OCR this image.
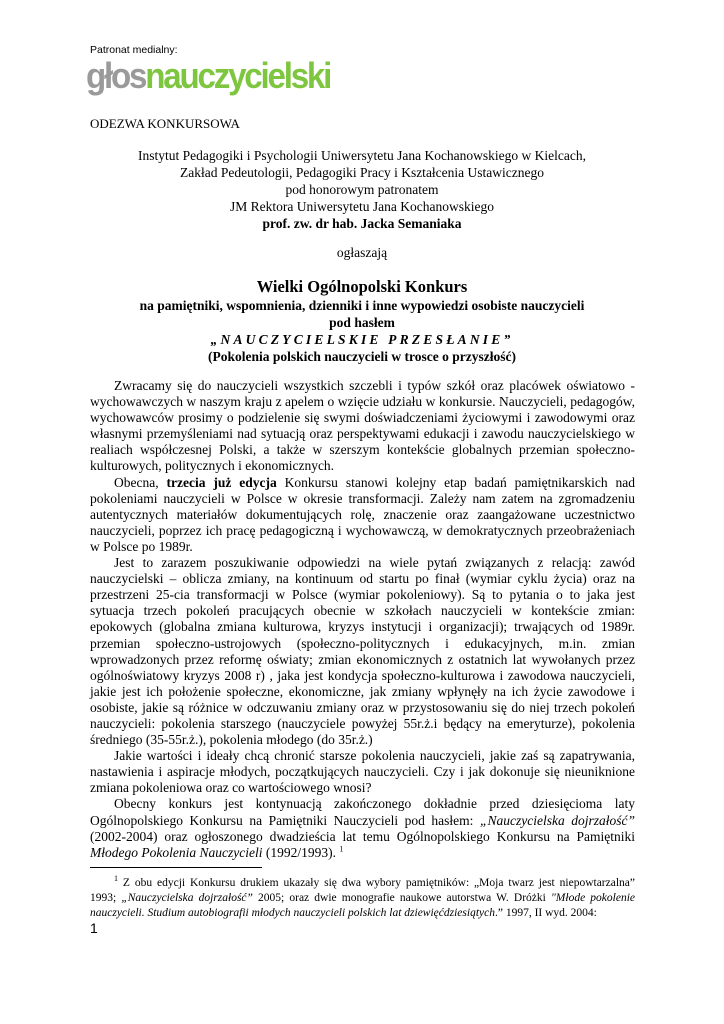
Patronat medialny:
głosnauczycielski
ODEZWA KONKURSOWA
Instytut Pedagogiki i Psychologii Uniwersytetu Jana Kochanowskiego w Kielcach,
Zakład Pedeutologii, Pedagogiki Pracy i Kształcenia Ustawicznego
pod honorowym patronatem
JM Rektora Uniwersytetu Jana Kochanowskiego
prof. zw. dr hab. Jacka Semaniaka
ogłaszają
Wielki Ogólnopolski Konkurs
na pamiętniki, wspomnienia, dzienniki i inne wypowiedzi osobiste nauczycieli
pod hasłem
„NAUCZYCIELSKIE PRZESŁANIE”
(Pokolenia polskich nauczycieli w trosce o przyszłość)

Zwracamy się do nauczycieli wszystkich szczebli i typów szkół oraz placówek oświatowo - wychowawczych w naszym kraju z apelem o wzięcie udziału w konkursie. Nauczycieli, pedagogów, wychowawców prosimy o podzielenie się swymi doświadczeniami życiowymi i zawodowymi oraz własnymi przemyśleniami nad sytuacją oraz perspektywami edukacji i zawodu nauczycielskiego w realiach współczesnej Polski, a także w szerszym kontekście globalnych przemian społeczno-kulturowych, politycznych i ekonomicznych.

Obecna, trzecia już edycja Konkursu stanowi kolejny etap badań pamiętnikarskich nad pokoleniami nauczycieli w Polsce w okresie transformacji. Zależy nam zatem na zgromadzeniu autentycznych materiałów dokumentujących rolę, znaczenie oraz zaangażowane uczestnictwo nauczycieli, poprzez ich pracę pedagogiczną i wychowawczą, w demokratycznych przeobrażeniach w Polsce po 1989r.

Jest to zarazem poszukiwanie odpowiedzi na wiele pytań związanych z relacją: zawód nauczycielski – oblicza zmiany, na kontinuum od startu po finał (wymiar cyklu życia) oraz na przestrzeni 25-cia transformacji w Polsce (wymiar pokoleniowy). Są to pytania o to jaka jest sytuacja trzech pokoleń pracujących obecnie w szkołach nauczycieli w kontekście zmian: epokowych (globalna zmiana kulturowa, kryzys instytucji i organizacji); trwających od 1989r. przemian społeczno-ustrojowych (społeczno-politycznych i edukacyjnych, m.in. zmian wprowadzonych przez reformę oświaty; zmian ekonomicznych z ostatnich lat wywołanych przez ogólnoświatowy kryzys 2008 r) , jaka jest kondycja społeczno-kulturowa i zawodowa nauczycieli, jakie jest ich położenie społeczne, ekonomiczne, jak zmiany wpłynęły na ich życie zawodowe i osobiste, jakie są różnice w odczuwaniu zmiany oraz w przystosowaniu się do niej trzech pokoleń nauczycieli: pokolenia starszego (nauczyciele powyżej 55r.ż.i będący na emeryturze), pokolenia średniego (35-55r.ż.), pokolenia młodego (do 35r.ż.)

Jakie wartości i ideały chcą chronić starsze pokolenia nauczycieli, jakie zaś są zapatrywania, nastawienia i aspiracje młodych, początkujących nauczycieli. Czy i jak dokonuje się nieuniknione zmiana pokoleniowa oraz co wartościowego wnosi?

Obecny konkurs jest kontynuacją zakończonego dokładnie przed dziesięcioma laty Ogólnopolskiego Konkursu na Pamiętniki Nauczycieli pod hasłem: „Nauczycielska dojrzałość” (2002-2004) oraz ogłoszonego dwadzieścia lat temu Ogólnopolskiego Konkursu na Pamiętniki Młodego Pokolenia Nauczycieli (1992/1993). $^1$

$^1$ Z obu edycji Konkursu drukiem ukazały się dwa wybory pamiętników: „Moja twarz jest niepowtarzalna” 1993; „Nauczycielska dojrzałość” 2005; oraz dwie monografie naukowe autorstwa W. Dróżki "Młode pokolenie nauczycieli. Studium autobiografii młodych nauczycieli polskich lat dziewięćdziesiątych.” 1997, II wyd. 2004:
1
